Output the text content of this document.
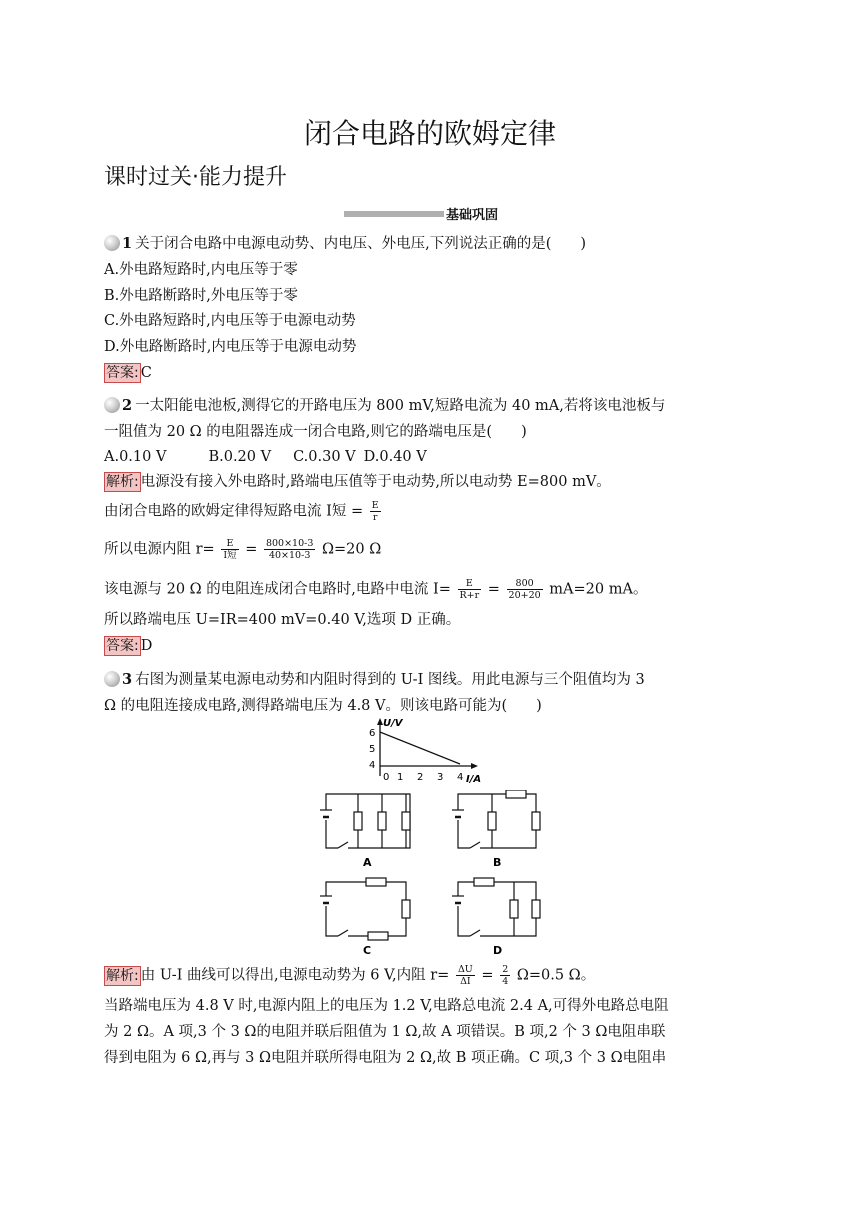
闭合电路的欧姆定律
课时过关·能力提升
基础巩固
1 关于闭合电路中电源电动势、内电压、外电压,下列说法正确的是(　　)
A.外电路短路时,内电压等于零
B.外电路断路时,外电压等于零
C.外电路短路时,内电压等于电源电动势
D.外电路断路时,内电压等于电源电动势
答案: C
2 一太阳能电池板,测得它的开路电压为 800 mV,短路电流为 40 mA,若将该电池板与
一阻值为 20 Ω 的电阻器连成一闭合电路,则它的路端电压是(　　)
A.0.10 V	B.0.20 V C.0.30 V D.0.40 V
解析: 电源没有接入外电路时,路端电压值等于电动势,所以电动势 E=800 mV。
由闭合电路的欧姆定律得短路电流 I短 = $\frac{E}{r}$
所以电源内阻 $r= \frac{E}{\text{I短}} = \frac{800\times 10-3}{40\times 10-3} \Omega=20$ Ω
该电源与 20 Ω 的电阻连成闭合电路时,电路中电流 $I= \frac{E}{R+r} = \frac{800}{20+20} mA=20$ mA。
所以路端电压 U=IR=400 mV=0.40 V,选项 D 正确。
答案: D
3 右图为测量某电源电动势和内阻时得到的 U-I 图线。用此电源与三个阻值均为 3
Ω 的电阻连接成电路,测得路端电压为 4.8 V。则该电路可能为(　　)
U/V
I/A
6
5
4
0 1 2 3 4
A	B
C	D
解析: 由 U-I 曲线可以得出,电源电动势为 6 V,内阻 $r= \frac{\Delta U}{\Delta I} = \frac{2}{4} \Omega=0.5$ Ω。
当路端电压为 4.8 V 时,电源内阻上的电压为 1.2 V,电路总电流 2.4 A,可得外电路总电阻
为 2 Ω。A 项,3 个 3 Ω的电阻并联后阻值为 1 Ω,故 A 项错误。B 项,2 个 3 Ω电阻串联
得到电阻为 6 Ω,再与 3 Ω电阻并联所得电阻为 2 Ω,故 B 项正确。C 项,3 个 3 Ω电阻串
